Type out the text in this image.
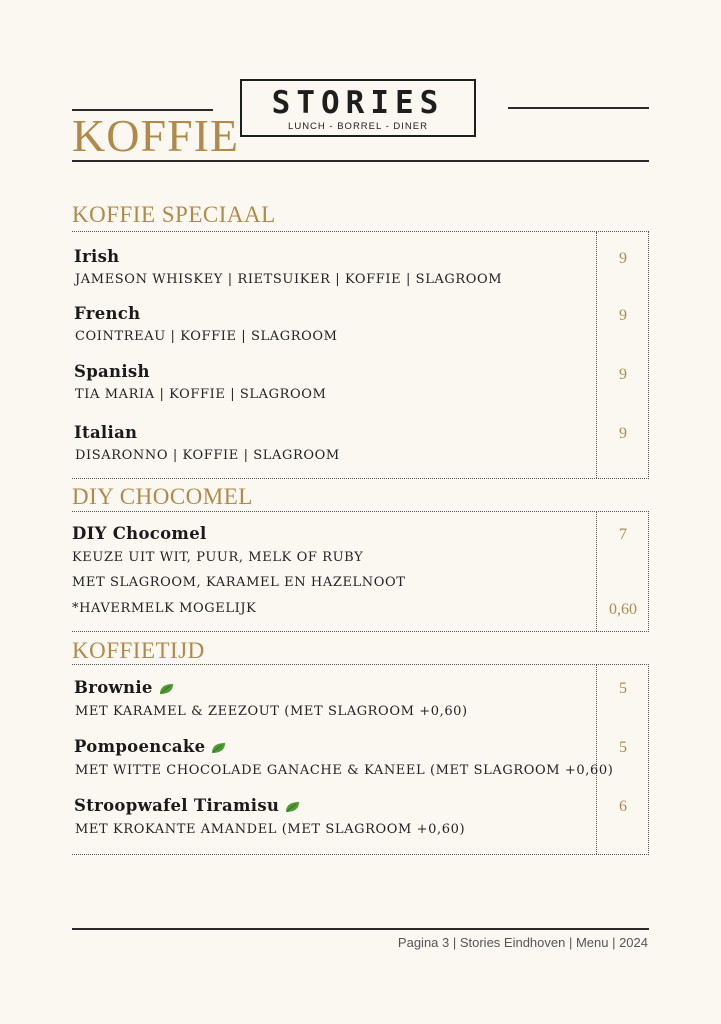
KOFFIE
STORIES
LUNCH - BORREL - DINER
KOFFIE SPECIAAL
Irish
JAMESON WHISKEY | RIETSUIKER | KOFFIE | SLAGROOM
9
French
COINTREAU | KOFFIE | SLAGROOM
9
Spanish
TIA MARIA | KOFFIE | SLAGROOM
9
Italian
DISARONNO | KOFFIE | SLAGROOM
9
DIY CHOCOMEL
DIY Chocomel
KEUZE UIT WIT, PUUR, MELK OF RUBY
MET SLAGROOM, KARAMEL EN HAZELNOOT
*HAVERMELK MOGELIJK
7
0,60
KOFFIETIJD
Brownie
MET KARAMEL & ZEEZOUT (MET SLAGROOM +0,60)
5
Pompoencake
MET WITTE CHOCOLADE GANACHE & KANEEL (MET SLAGROOM +0,60)
5
Stroopwafel Tiramisu
MET KROKANTE AMANDEL (MET SLAGROOM +0,60)
6
Pagina 3 | Stories Eindhoven | Menu | 2024
